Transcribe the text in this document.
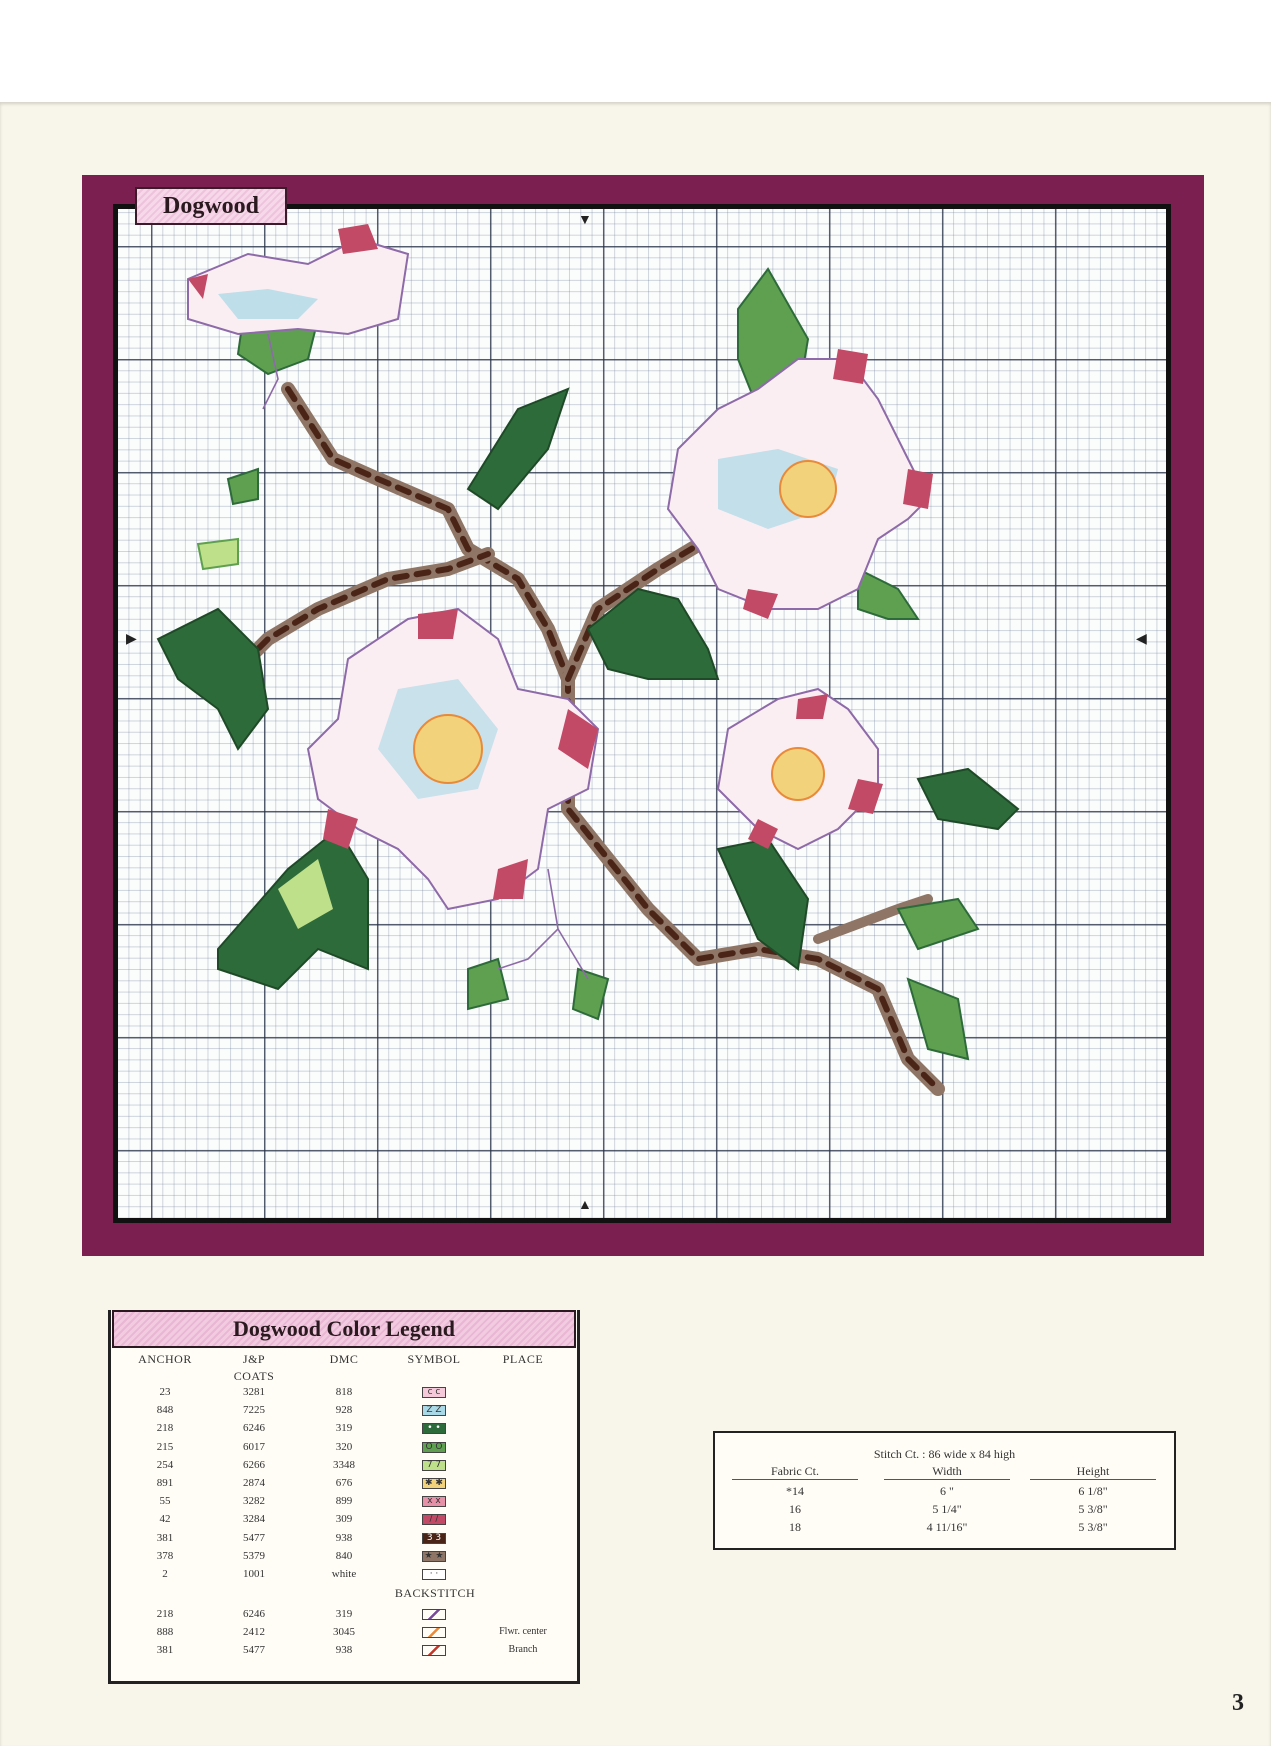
▼
▲
▶	◀
Dogwood
Dogwood Color Legend
ANCHOR	J&P
COATS
DMC	SYMBOL	PLACE
BACKSTITCH
Stitch Ct. : 86 wide x 84 high
Fabric Ct.	Width	Height
3
23	3281	818	c c
848	7225	928	Z Z
218	6246	319	• •
215	6017	320	O O
254	6266	3348	7 7
891	2874	676	✱ ✱
55	3282	899	x x
42	3284	309	/ /
381	5477	938	3 3
378	5379	840	★ ★
2	1001	white	· ·
218	6246	319
888	2412	3045	Flwr. center
381	5477	938	Branch
*14	6 "	6 1/8"
16	5 1/4"	5 3/8"
18	4 11/16"	5 3/8"
